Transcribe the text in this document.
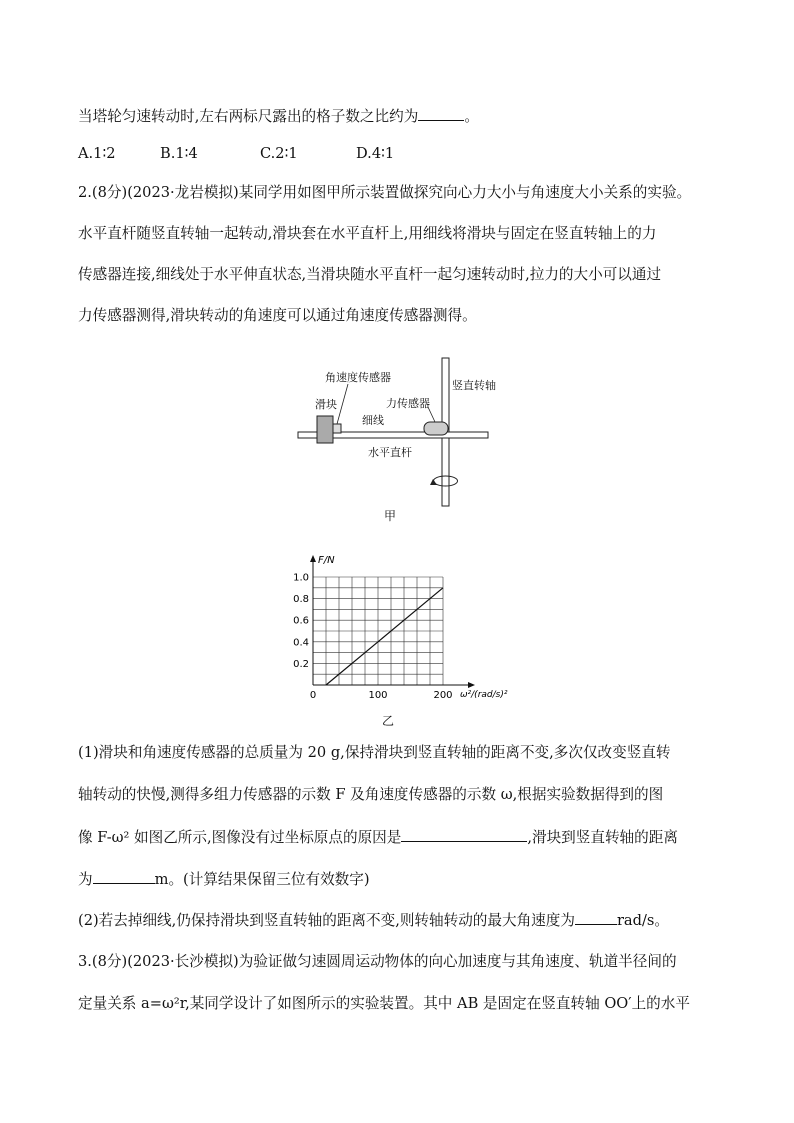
当塔轮匀速转动时,左右两标尺露出的格子数之比约为	。
A.1∶2	B.1∶4	C.2∶1	D.4∶1
2.(8分)(2023·龙岩模拟)某同学用如图甲所示装置做探究向心力大小与角速度大小关系的实验。
水平直杆随竖直转轴一起转动,滑块套在水平直杆上,用细线将滑块与固定在竖直转轴上的力
传感器连接,细线处于水平伸直状态,当滑块随水平直杆一起匀速转动时,拉力的大小可以通过
力传感器测得,滑块转动的角速度可以通过角速度传感器测得。
角速度传感器
竖直转轴
滑块	力传感器
细线
水平直杆
甲
F/N
ω²/(rad/s)²
0	100	200
0.2
0.4
0.6
0.8
1.0
乙
(1)滑块和角速度传感器的总质量为 20 g,保持滑块到竖直转轴的距离不变,多次仅改变竖直转
轴转动的快慢,测得多组力传感器的示数 F 及角速度传感器的示数 ω,根据实验数据得到的图
像 F-ω² 如图乙所示,图像没有过坐标原点的原因是	,滑块到竖直转轴的距离
为	m。(计算结果保留三位有效数字)
(2)若去掉细线,仍保持滑块到竖直转轴的距离不变,则转轴转动的最大角速度为	rad/s。
3.(8分)(2023·长沙模拟)为验证做匀速圆周运动物体的向心加速度与其角速度、轨道半径间的
定量关系 a=ω²r,某同学设计了如图所示的实验装置。其中 AB 是固定在竖直转轴 OO′上的水平
